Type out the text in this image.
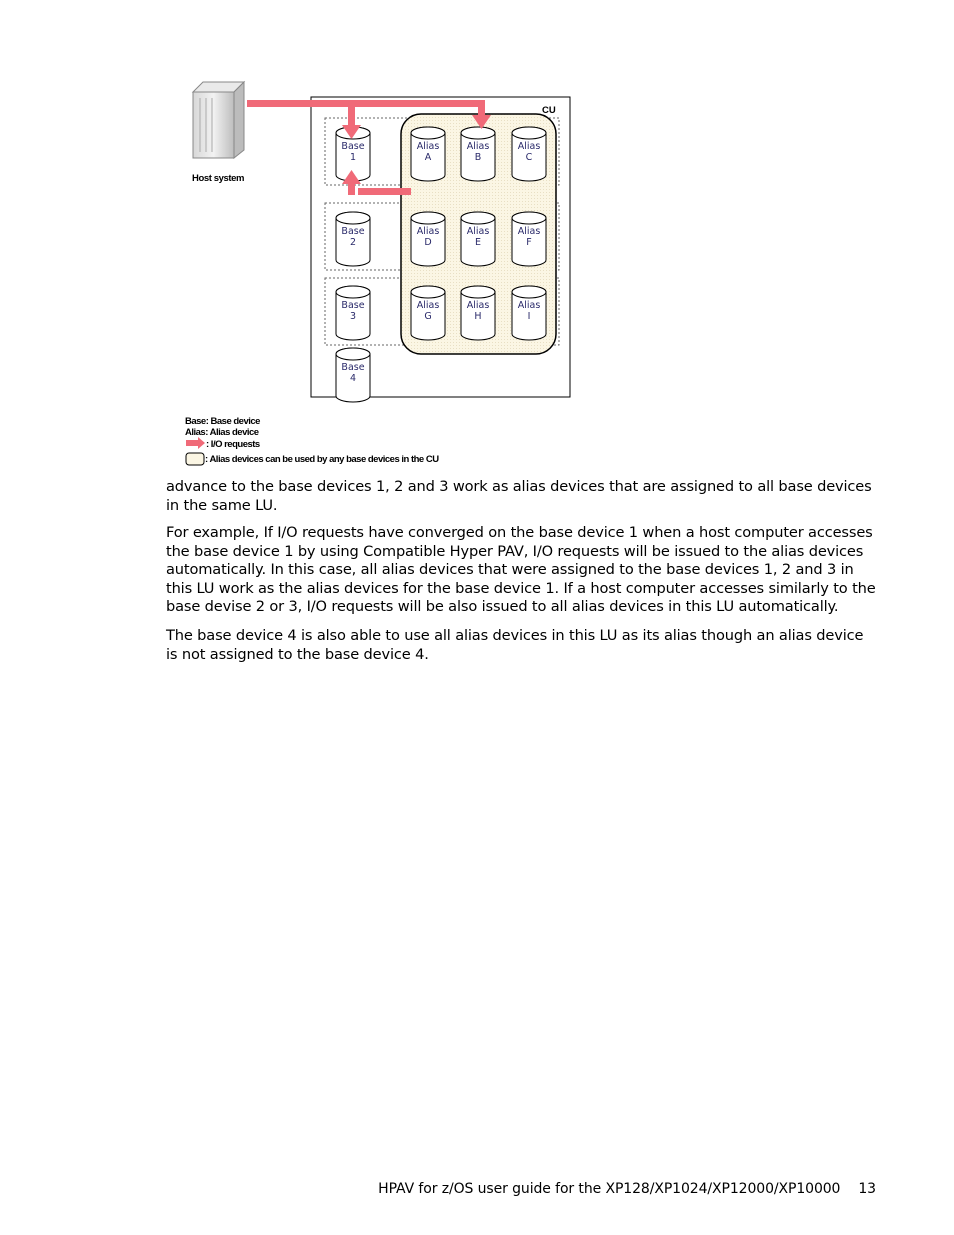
Host system
CU
Base
1
Alias
A
Alias
B
Alias
C
Base
2
Alias
D
Alias
E
Alias
F
Base
3
Alias
G
Alias
H
Alias
I
Base
4
Base: Base device
Alias: Alias device
: I/O requests
: Alias devices can be used by any base devices in the CU

advance to the base devices 1, 2 and 3 work as alias devices that are assigned to all base devices in the same LU.

For example, If I/O requests have converged on the base device 1 when a host computer accesses the base device 1 by using Compatible Hyper PAV, I/O requests will be issued to the alias devices automatically. In this case, all alias devices that were assigned to the base devices 1, 2 and 3 in this LU work as the alias devices for the base device 1. If a host computer accesses similarly to the base devise 2 or 3, I/O requests will be also issued to all alias devices in this LU automatically.

The base device 4 is also able to use all alias devices in this LU as its alias though an alias device is not assigned to the base device 4.

HPAV for z/OS user guide for the XP128/XP1024/XP12000/XP10000 13
